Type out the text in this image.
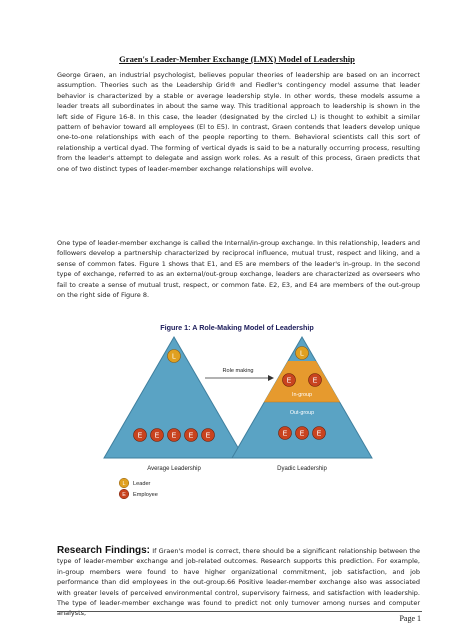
Graen's Leader-Member Exchange (LMX) Model of Leadership

George Graen, an industrial psychologist, believes popular theories of leadership are based on an incorrect assumption. Theories such as the Leadership Grid® and Fiedler's contingency model assume that leader behavior is characterized by a stable or average leadership style. In other words, these models assume a leader treats all subordinates in about the same way. This traditional approach to leadership is shown in the left side of Figure 16-8. In this case, the leader (designated by the circled L) is thought to exhibit a similar pattern of behavior toward all employees (El to E5). In contrast, Graen contends that leaders develop unique one-to-one relationships with each of the people reporting to them. Behavioral scientists call this sort of relationship a vertical dyad. The forming of vertical dyads is said to be a naturally occurring process, resulting from the leader's attempt to delegate and assign work roles. As a result of this process, Graen predicts that one of two distinct types of leader-member exchange relationships will evolve.

One type of leader-member exchange is called the Internal/in-group exchange. In this relationship, leaders and followers develop a partnership characterized by reciprocal influence, mutual trust, respect and liking, and a sense of common fates. Figure 1 shows that E1, and E5 are members of the leader's in-group. In the second type of exchange, referred to as an external/out-group exchange, leaders are characterized as overseers who fail to create a sense of mutual trust, respect, or common fate. E2, E3, and E4 are members of the out-group on the right side of Figure 8.

Figure 1: A Role-Making Model of Leadership
L
E E E E E
Average Leadership
Role making
In-group
Out-group
L
E	E
E E E
Dyadic Leadership
L Leader
E Employee

Research Findings: If Graen's model is correct, there should be a significant relationship between the type of leader-member exchange and job-related outcomes. Research supports this prediction. For example, in-group members were found to have higher organizational commitment, job satisfaction, and job performance than did employees in the out-group.66 Positive leader-member exchange also was associated with greater levels of perceived environmental control, supervisory fairness, and satisfaction with leadership. The type of leader-member exchange was found to predict not only turnover among nurses and computer analysts,

Page 1
